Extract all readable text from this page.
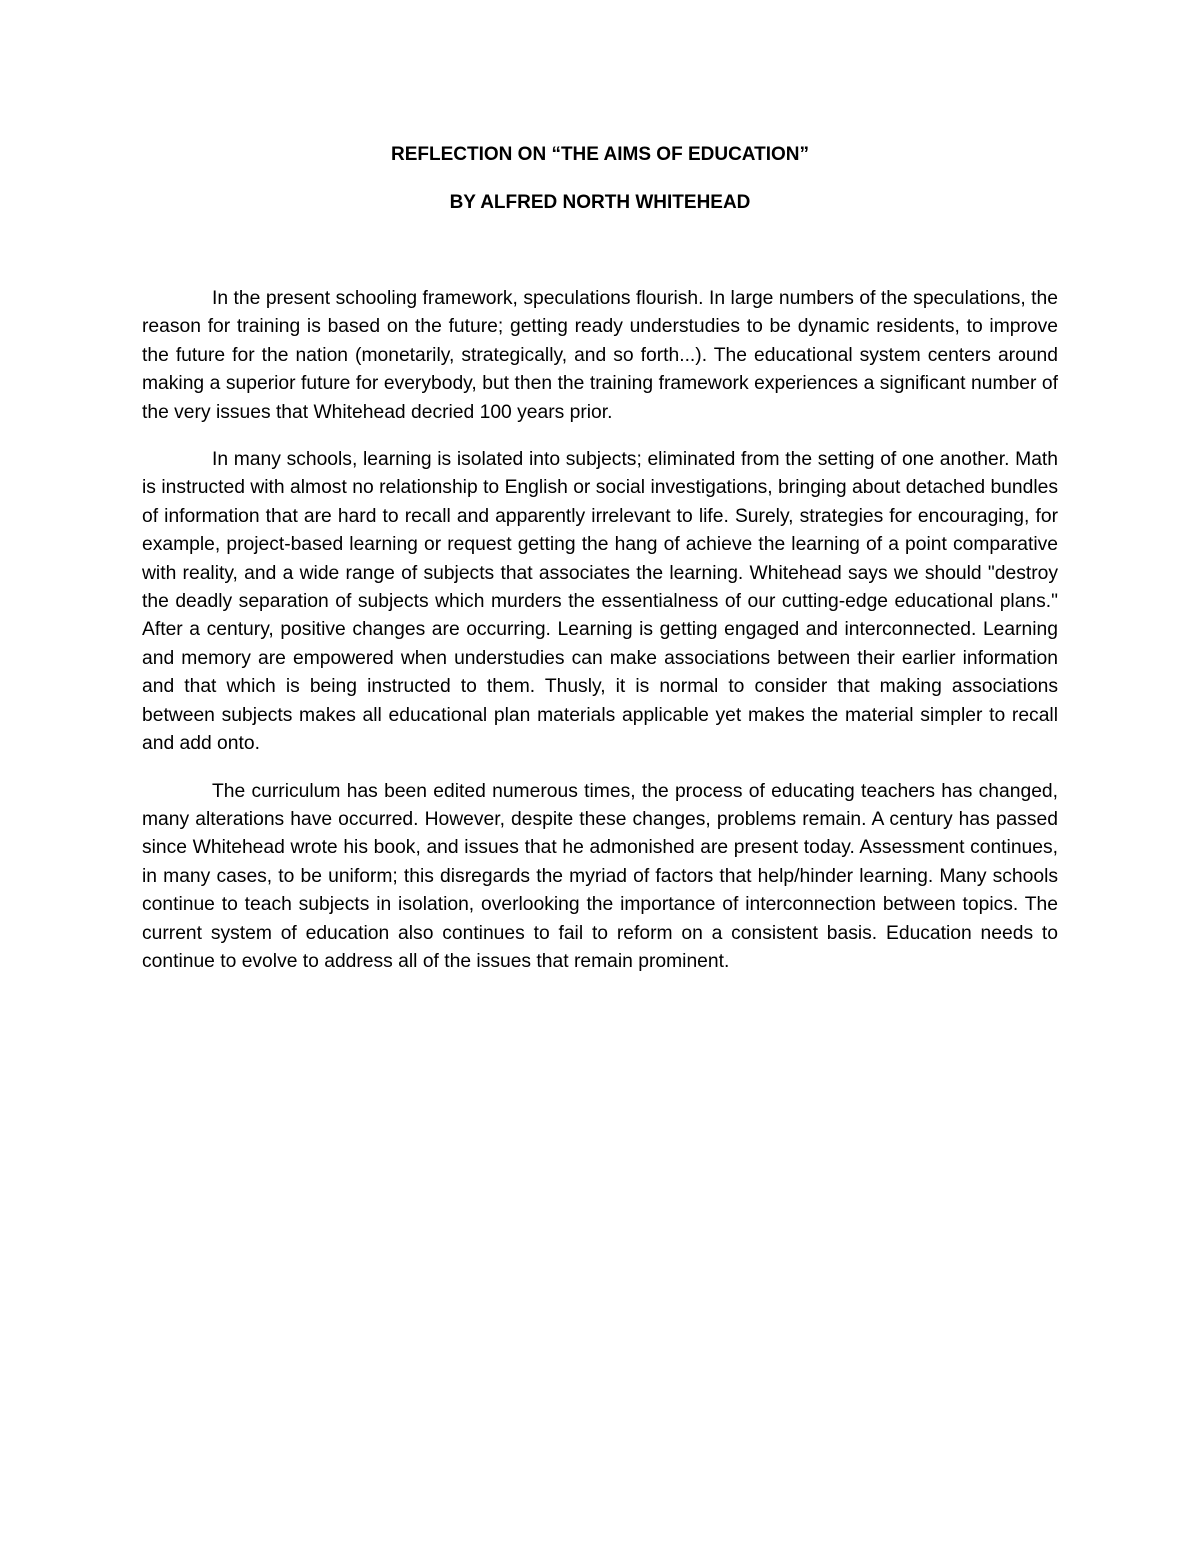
REFLECTION ON “THE AIMS OF EDUCATION”
BY ALFRED NORTH WHITEHEAD

In the present schooling framework, speculations flourish. In large numbers of the speculations, the reason for training is based on the future; getting ready understudies to be dynamic residents, to improve the future for the nation (monetarily, strategically, and so forth...). The educational system centers around making a superior future for everybody, but then the training framework experiences a significant number of the very issues that Whitehead decried 100 years prior.

In many schools, learning is isolated into subjects; eliminated from the setting of one another. Math is instructed with almost no relationship to English or social investigations, bringing about detached bundles of information that are hard to recall and apparently irrelevant to life. Surely, strategies for encouraging, for example, project-based learning or request getting the hang of achieve the learning of a point comparative with reality, and a wide range of subjects that associates the learning. Whitehead says we should "destroy the deadly separation of subjects which murders the essentialness of our cutting-edge educational plans." After a century, positive changes are occurring. Learning is getting engaged and interconnected. Learning and memory are empowered when understudies can make associations between their earlier information and that which is being instructed to them. Thusly, it is normal to consider that making associations between subjects makes all educational plan materials applicable yet makes the material simpler to recall and add onto.

The curriculum has been edited numerous times, the process of educating teachers has changed, many alterations have occurred. However, despite these changes, problems remain. A century has passed since Whitehead wrote his book, and issues that he admonished are present today. Assessment continues, in many cases, to be uniform; this disregards the myriad of factors that help/hinder learning. Many schools continue to teach subjects in isolation, overlooking the importance of interconnection between topics. The current system of education also continues to fail to reform on a consistent basis. Education needs to continue to evolve to address all of the issues that remain prominent.
